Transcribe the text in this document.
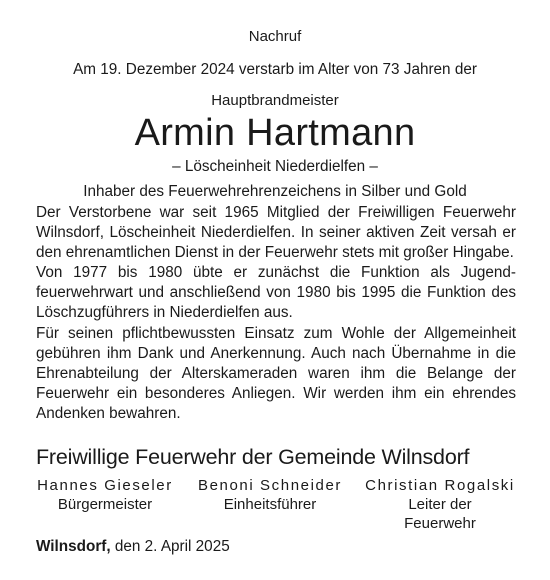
Nachruf
Am 19. Dezember 2024 verstarb im Alter von 73 Jahren der
Hauptbrandmeister
Armin Hartmann
– Löscheinheit Niederdielfen –
Inhaber des Feuerwehrehrenzeichens in Silber und Gold

Der Verstorbene war seit 1965 Mitglied der Freiwilligen Feuerwehr Wilnsdorf, Löscheinheit Niederdielfen. In seiner aktiven Zeit versah er den ehrenamtlichen Dienst in der Feuerwehr stets mit großer Hingabe.

Von 1977 bis 1980 übte er zunächst die Funktion als Jugendfeuerwehrwart und anschließend von 1980 bis 1995 die Funktion des Löschzugführers in Niederdielfen aus.

Für seinen pflichtbewussten Einsatz zum Wohle der Allgemeinheit gebühren ihm Dank und Anerkennung. Auch nach Übernahme in die Ehrenabteilung der Alterskameraden waren ihm die Belange der Feuerwehr ein besonderes Anliegen. Wir werden ihm ein ehrendes Andenken bewahren.

Freiwillige Feuerwehr der Gemeinde Wilnsdorf
Hannes Gieseler
Bürgermeister
Benoni Schneider
Einheitsführer
Christian Rogalski
Leiter der
Feuerwehr
Wilnsdorf, den 2. April 2025
